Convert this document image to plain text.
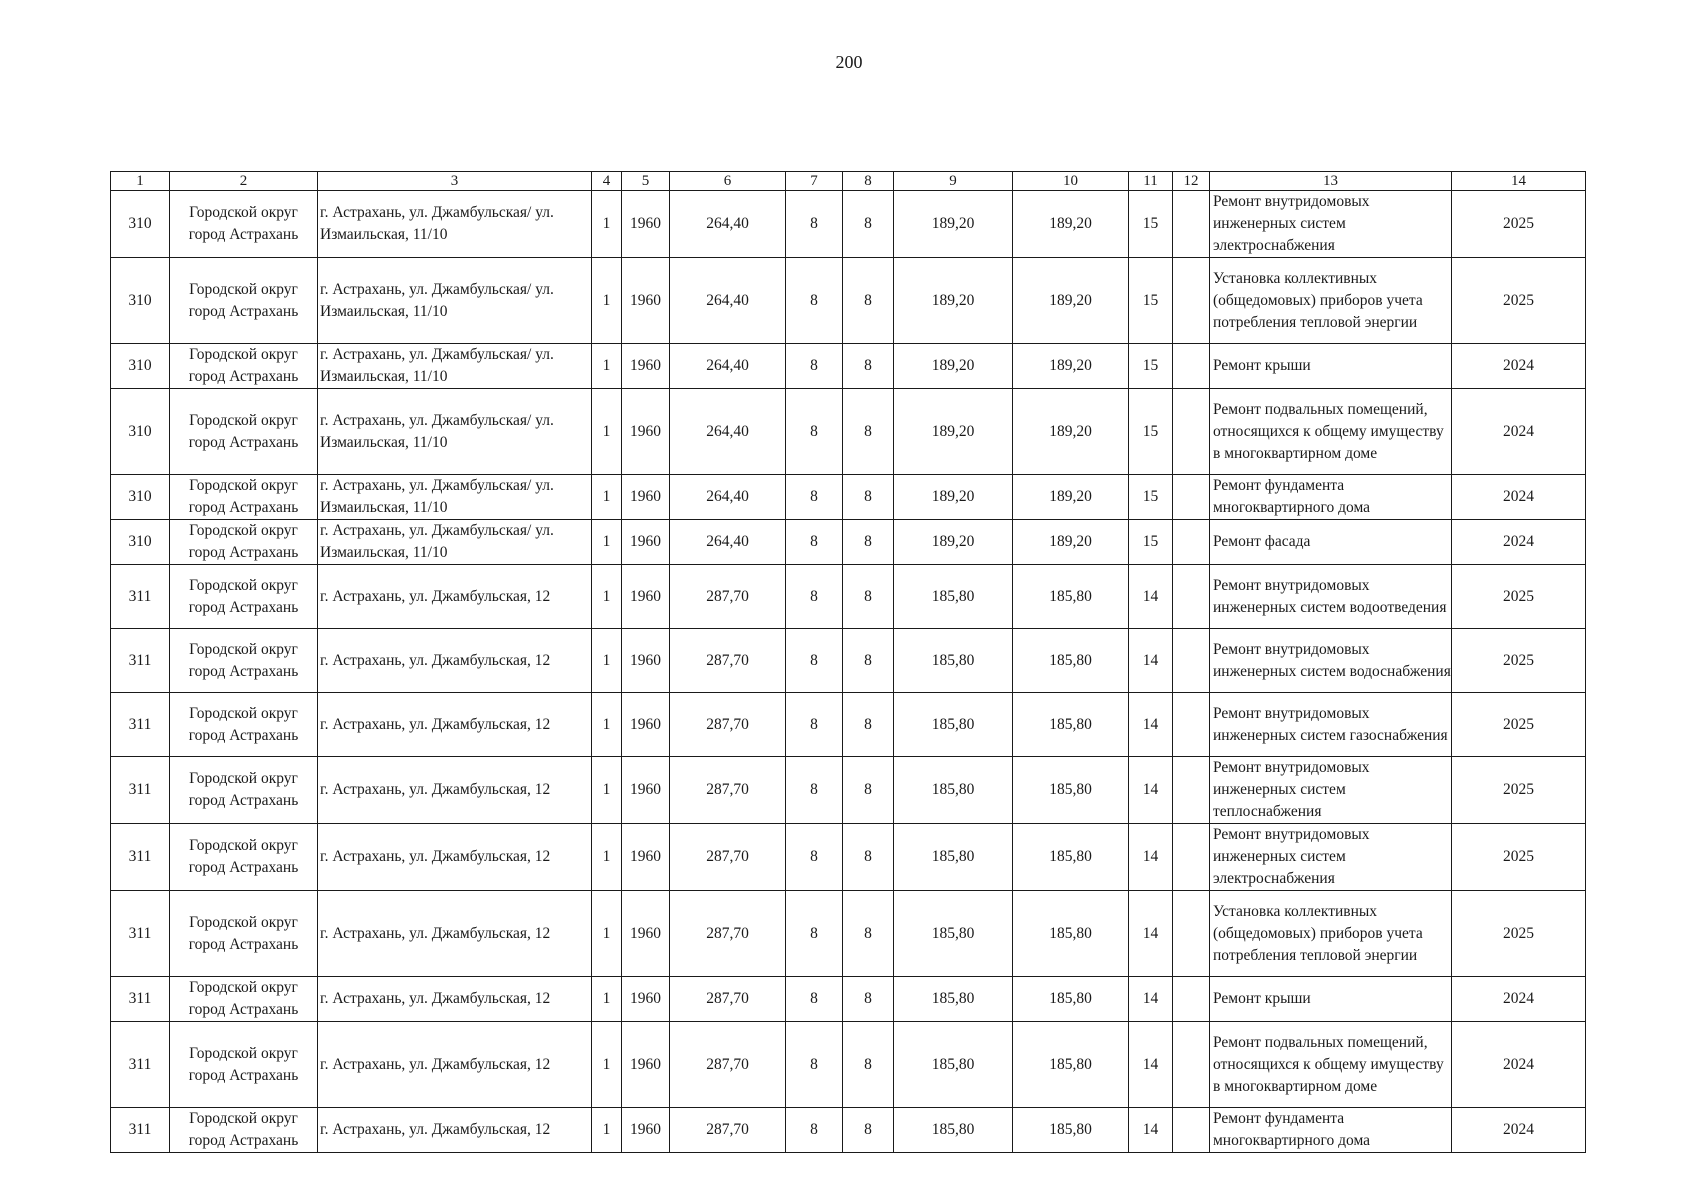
200
1	2	3	4	5	6	7	8	9	10	11	12	13	14
310	Городской округ город Астрахань	г. Астрахань, ул. Джамбульская/ ул. Измаильская, 11/10	1	1960	264,40	8	8	189,20	189,20	15		Ремонт внутридомовых инженерных систем электроснабжения	2025
310	Городской округ город Астрахань	г. Астрахань, ул. Джамбульская/ ул. Измаильская, 11/10	1	1960	264,40	8	8	189,20	189,20	15		Установка коллективных (общедомовых) приборов учета потребления тепловой энергии	2025
310	Городской округ город Астрахань	г. Астрахань, ул. Джамбульская/ ул. Измаильская, 11/10	1	1960	264,40	8	8	189,20	189,20	15		Ремонт крыши	2024
310	Городской округ город Астрахань	г. Астрахань, ул. Джамбульская/ ул. Измаильская, 11/10	1	1960	264,40	8	8	189,20	189,20	15		Ремонт подвальных помещений, относящихся к общему имуществу в многоквартирном доме	2024
310	Городской округ город Астрахань	г. Астрахань, ул. Джамбульская/ ул. Измаильская, 11/10	1	1960	264,40	8	8	189,20	189,20	15		Ремонт фундамента многоквартирного дома	2024
310	Городской округ город Астрахань	г. Астрахань, ул. Джамбульская/ ул. Измаильская, 11/10	1	1960	264,40	8	8	189,20	189,20	15		Ремонт фасада	2024
311	Городской округ город Астрахань	г. Астрахань, ул. Джамбульская, 12	1	1960	287,70	8	8	185,80	185,80	14		Ремонт внутридомовых инженерных систем водоотведения	2025
311	Городской округ город Астрахань	г. Астрахань, ул. Джамбульская, 12	1	1960	287,70	8	8	185,80	185,80	14		Ремонт внутридомовых инженерных систем водоснабжения	2025
311	Городской округ город Астрахань	г. Астрахань, ул. Джамбульская, 12	1	1960	287,70	8	8	185,80	185,80	14		Ремонт внутридомовых инженерных систем газоснабжения	2025
311	Городской округ город Астрахань	г. Астрахань, ул. Джамбульская, 12	1	1960	287,70	8	8	185,80	185,80	14		Ремонт внутридомовых инженерных систем теплоснабжения	2025
311	Городской округ город Астрахань	г. Астрахань, ул. Джамбульская, 12	1	1960	287,70	8	8	185,80	185,80	14		Ремонт внутридомовых инженерных систем электроснабжения	2025
311	Городской округ город Астрахань	г. Астрахань, ул. Джамбульская, 12	1	1960	287,70	8	8	185,80	185,80	14		Установка коллективных (общедомовых) приборов учета потребления тепловой энергии	2025
311	Городской округ город Астрахань	г. Астрахань, ул. Джамбульская, 12	1	1960	287,70	8	8	185,80	185,80	14		Ремонт крыши	2024
311	Городской округ город Астрахань	г. Астрахань, ул. Джамбульская, 12	1	1960	287,70	8	8	185,80	185,80	14		Ремонт подвальных помещений, относящихся к общему имуществу в многоквартирном доме	2024
311	Городской округ город Астрахань	г. Астрахань, ул. Джамбульская, 12	1	1960	287,70	8	8	185,80	185,80	14		Ремонт фундамента многоквартирного дома	2024
